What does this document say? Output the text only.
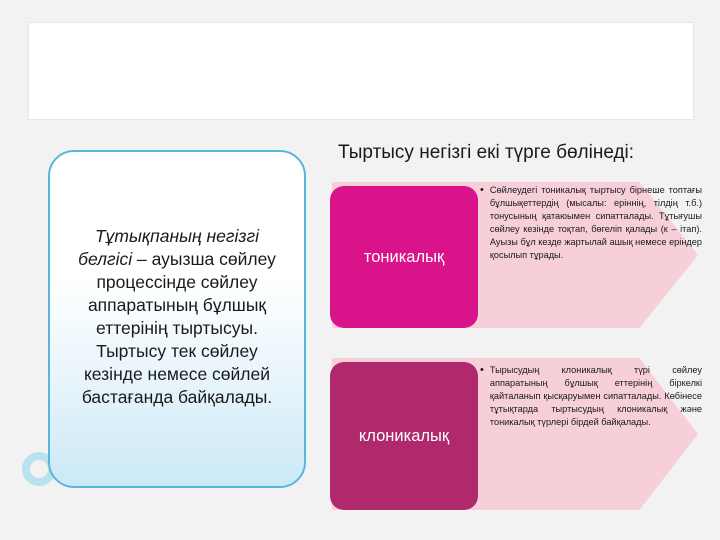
Тұтықпаның негізгі белгісі – ауызша сөйлеу процессінде сөйлеу аппаратының бұлшық еттерінің тыртысуы. Тыртысу тек сөйлеу кезінде немесе сөйлей бастағанда байқалады.
Тыртысу негізгі екі түрге бөлінеді:
тоникалық
клоникалық
• Сөйлеудегі тоникалық тыртысу бірнеше топтағы бұлшықеттердің (мысалы: еріннің, тілдің т.б.) тонусының қатаюымен сипатталады. Тұтығушы сөйлеу кезінде тоқтап, бөгеліп қалады (к – ітап). Ауызы бұл кезде жартылай ашық немесе еріндер қосылып тұрады.
• Тырысудың клоникалық түрі сөйлеу аппаратының бұлшық еттерінің біркелкі қайталанып қысқаруымен сипатталады. Көбінесе тұтықтарда тыртысудың клоникалық және тоникалық түрлері бірдей байқалады.
